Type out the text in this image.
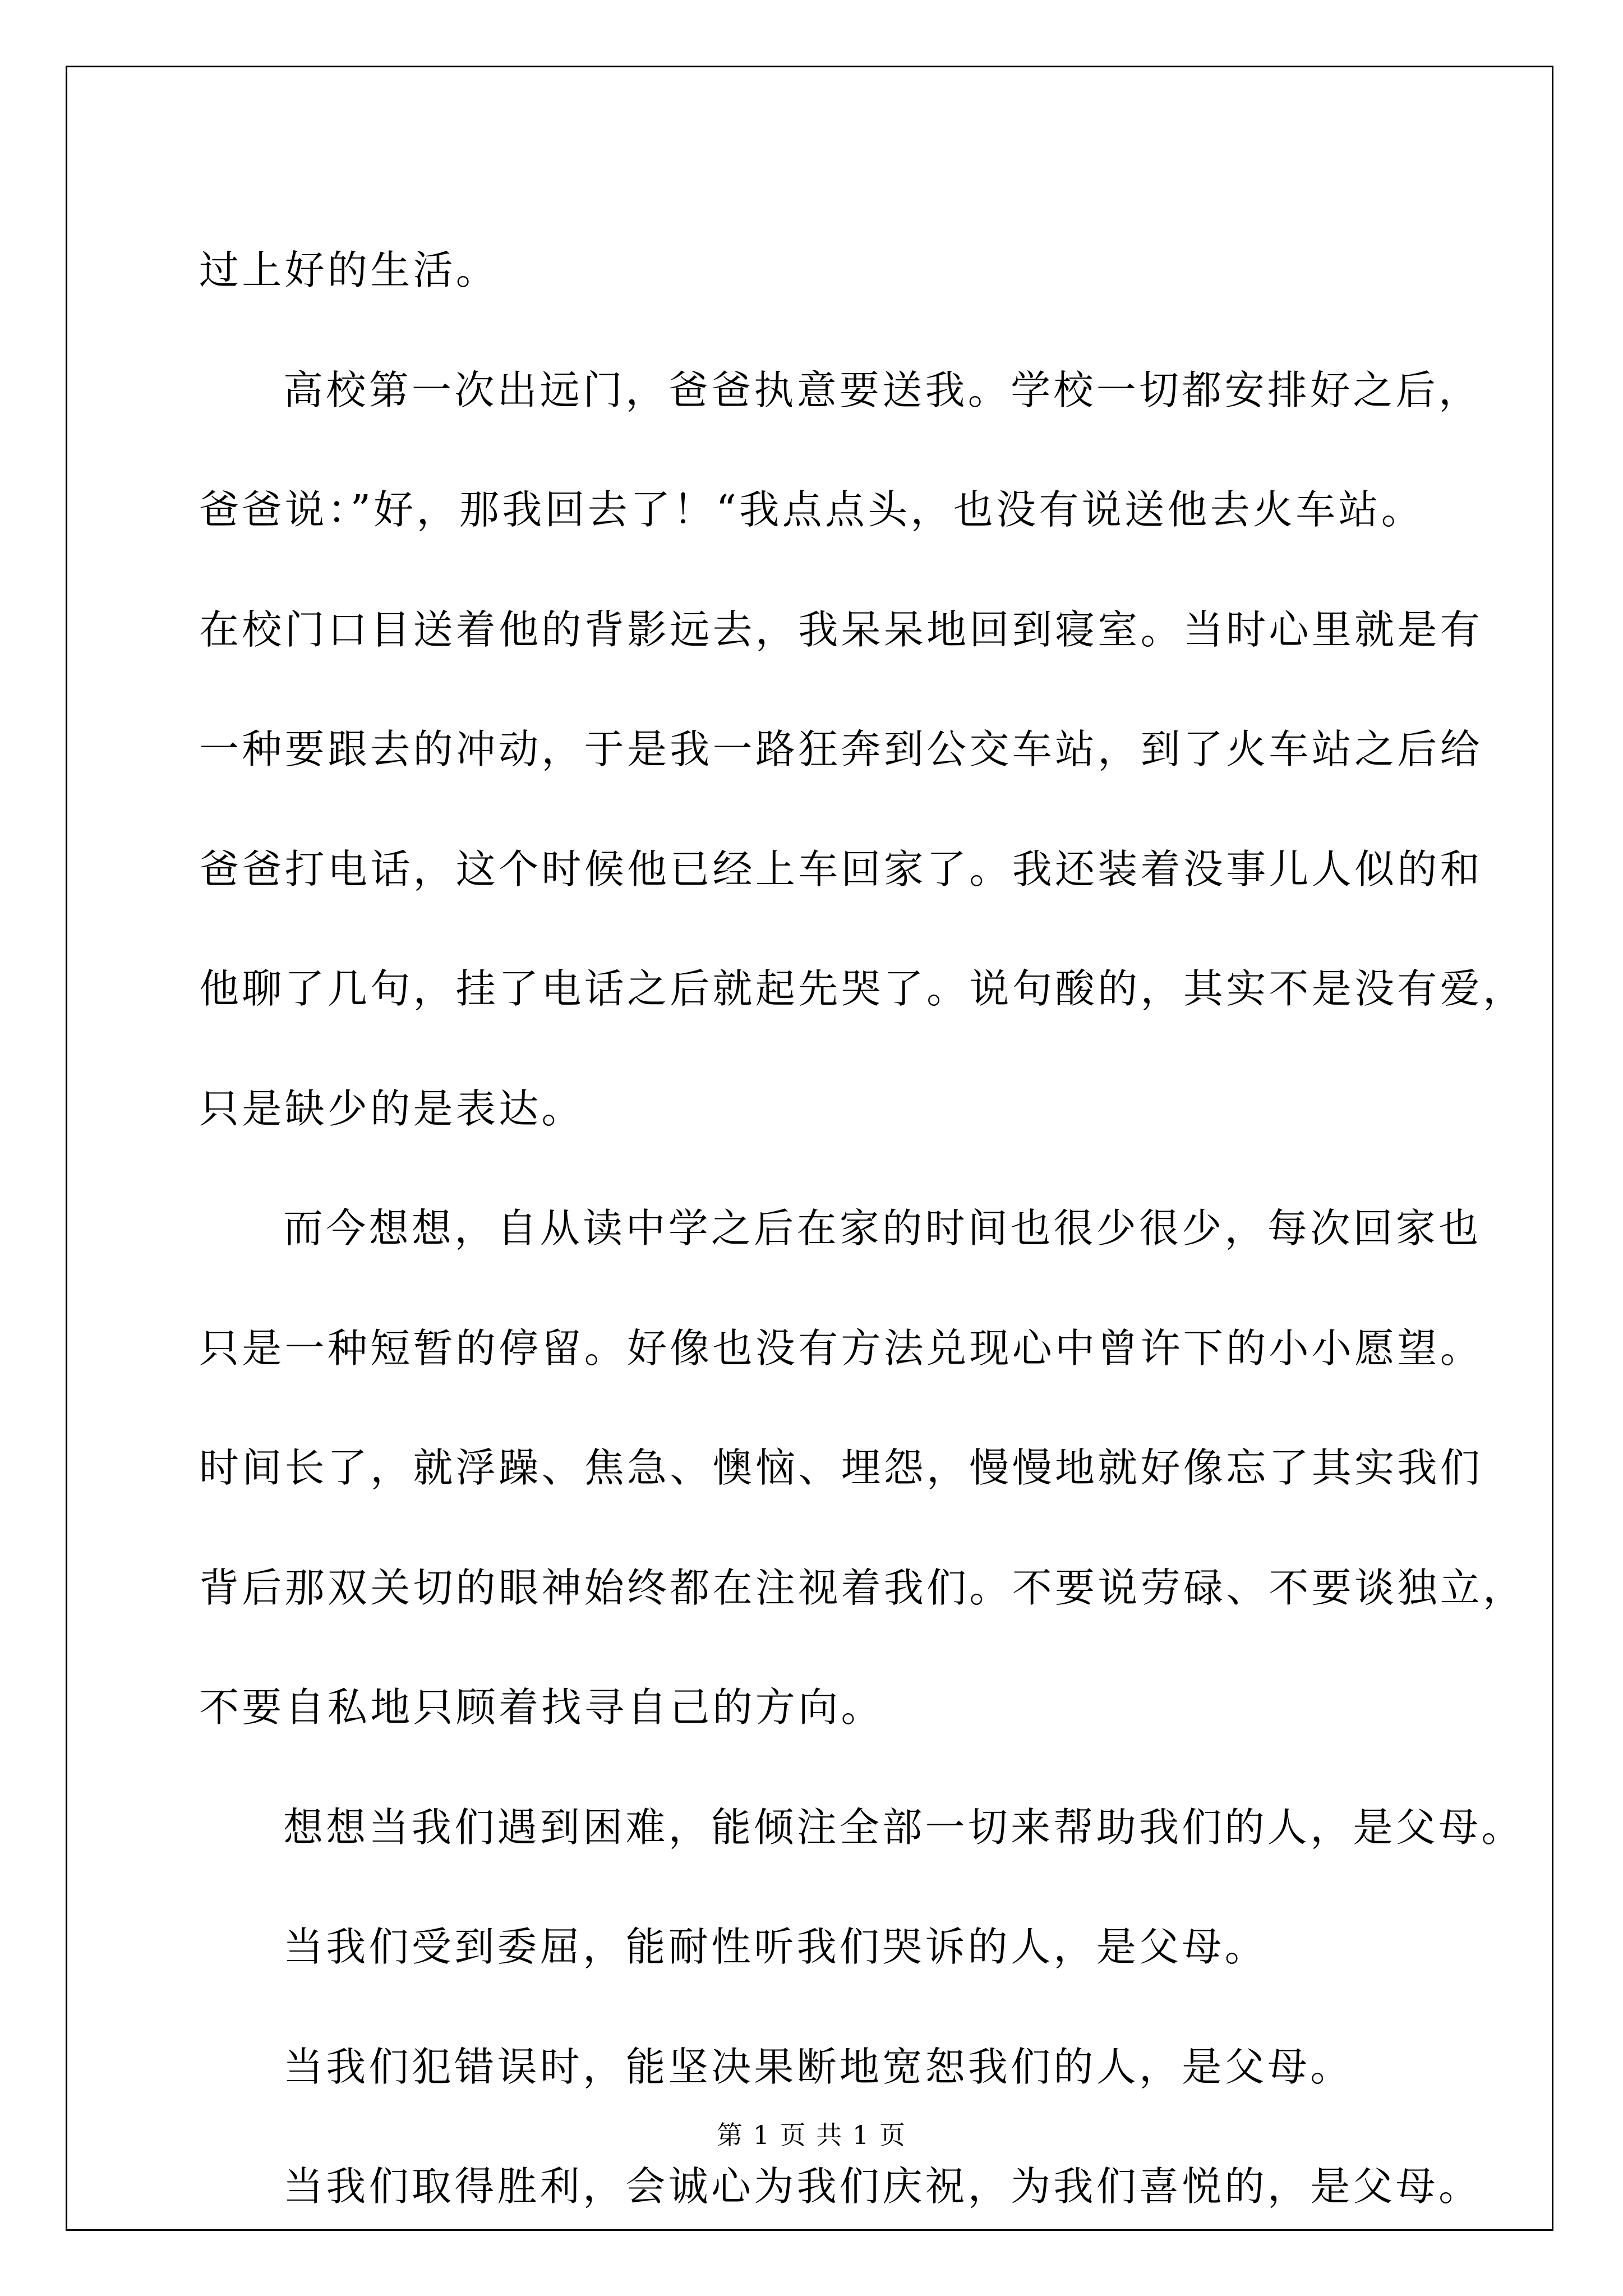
过上好的生活。
高校第一次出远门，爸爸执意要送我。学校一切都安排好之后，
爸爸说：”好，那我回去了！“我点点头，也没有说送他去火车站。
在校门口目送着他的背影远去，我呆呆地回到寝室。当时心里就是有
一种要跟去的冲动，于是我一路狂奔到公交车站，到了火车站之后给
爸爸打电话，这个时候他已经上车回家了。我还装着没事儿人似的和
他聊了几句，挂了电话之后就起先哭了。说句酸的，其实不是没有爱，
只是缺少的是表达。
而今想想，自从读中学之后在家的时间也很少很少，每次回家也
只是一种短暂的停留。好像也没有方法兑现心中曾许下的小小愿望。
时间长了，就浮躁、焦急、懊恼、埋怨，慢慢地就好像忘了其实我们
背后那双关切的眼神始终都在注视着我们。不要说劳碌、不要谈独立，
不要自私地只顾着找寻自己的方向。
想想当我们遇到困难，能倾注全部一切来帮助我们的人，是父母。
当我们受到委屈，能耐性听我们哭诉的人，是父母。
当我们犯错误时，能坚决果断地宽恕我们的人，是父母。
当我们取得胜利，会诚心为我们庆祝，为我们喜悦的，是父母。
第 1 页 共 1 页
